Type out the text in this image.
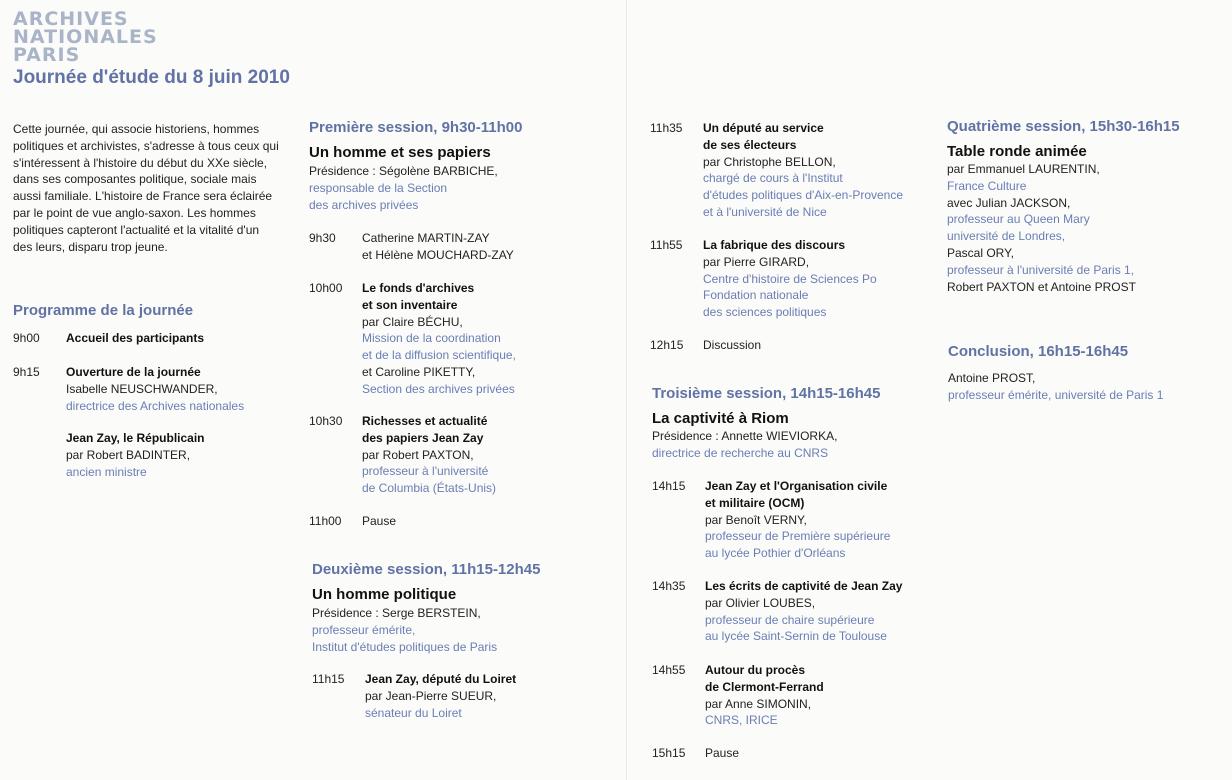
ARCHIVES
NATIONALES
PARIS
Journée d'étude du 8 juin 2010

Cette journée, qui associe historiens, hommes politiques et archivistes, s'adresse à tous ceux qui s'intéressent à l'histoire du début du XXe siècle, dans ses composantes politique, sociale mais aussi familiale. L'histoire de France sera éclairée par le point de vue anglo-saxon. Les hommes politiques capteront l'actualité et la vitalité d'un des leurs, disparu trop jeune.

Programme de la journée
9h00 Accueil des participants
9h15 Ouverture de la journée
Isabelle NEUSCHWANDER,
directrice des Archives nationales
Jean Zay, le Républicain
par Robert BADINTER,
ancien ministre
Première session, 9h30-11h00
Un homme et ses papiers
Présidence : Ségolène BARBICHE,
responsable de la Section
des archives privées
9h30 Catherine MARTIN-ZAY
et Hélène MOUCHARD-ZAY
10h00 Le fonds d'archives
et son inventaire
par Claire BÉCHU,
Mission de la coordination
et de la diffusion scientifique,
et Caroline PIKETTY,
Section des archives privées
10h30 Richesses et actualité
des papiers Jean Zay
par Robert PAXTON,
professeur à l'université
de Columbia (États-Unis)
11h00 Pause
Deuxième session, 11h15-12h45
Un homme politique
Présidence : Serge BERSTEIN,
professeur émérite,
Institut d'études politiques de Paris
11h15 Jean Zay, député du Loiret
par Jean-Pierre SUEUR,
sénateur du Loiret
11h35 Un député au service
de ses électeurs
par Christophe BELLON,
chargé de cours à l'Institut
d'études politiques d'Aix-en-Provence
et à l'université de Nice
11h55 La fabrique des discours
par Pierre GIRARD,
Centre d'histoire de Sciences Po
Fondation nationale
des sciences politiques
12h15 Discussion
Troisième session, 14h15-16h45
La captivité à Riom
Présidence : Annette WIEVIORKA,
directrice de recherche au CNRS
14h15 Jean Zay et l'Organisation civile
et militaire (OCM)
par Benoît VERNY,
professeur de Première supérieure
au lycée Pothier d'Orléans
14h35 Les écrits de captivité de Jean Zay
par Olivier LOUBES,
professeur de chaire supérieure
au lycée Saint-Sernin de Toulouse
14h55 Autour du procès
de Clermont-Ferrand
par Anne SIMONIN,
CNRS, IRICE
15h15 Pause
Quatrième session, 15h30-16h15
Table ronde animée
par Emmanuel LAURENTIN,
France Culture
avec Julian JACKSON,
professeur au Queen Mary
université de Londres,
Pascal ORY,
professeur à l'université de Paris 1,
Robert PAXTON et Antoine PROST
Conclusion, 16h15-16h45
Antoine PROST,
professeur émérite, université de Paris 1
